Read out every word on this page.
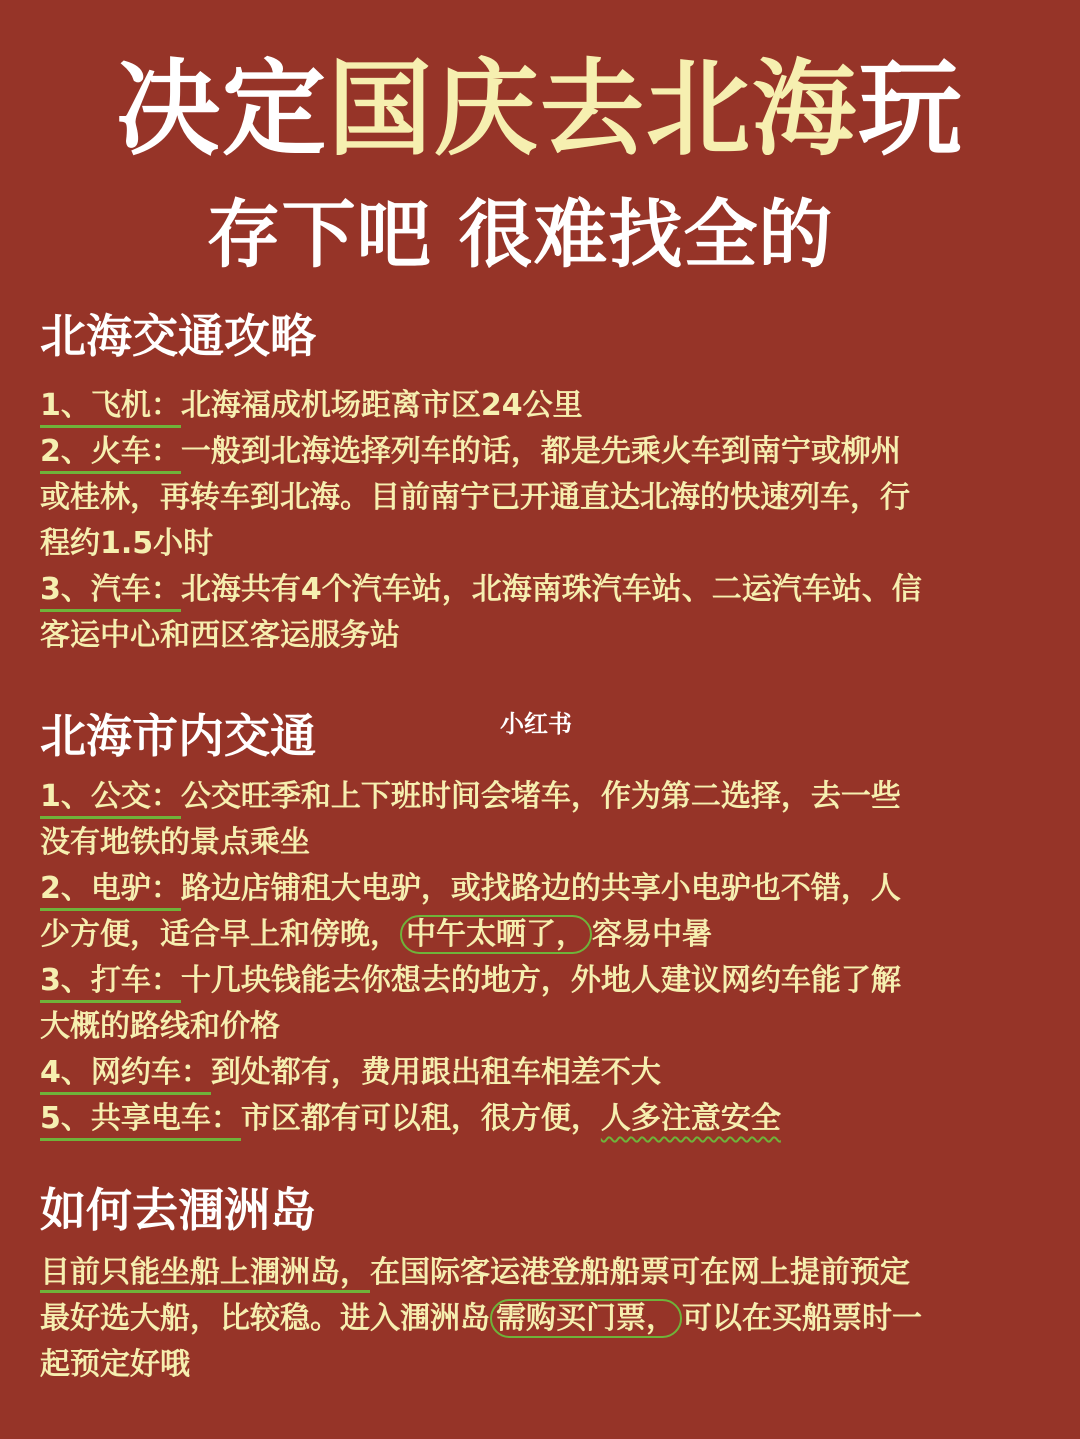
决定国庆去北海玩
存下吧 很难找全的
北海交通攻略
1、飞机：北海福成机场距离市区24公里
2、火车：一般到北海选择列车的话，都是先乘火车到南宁或柳州
或桂林，再转车到北海。目前南宁已开通直达北海的快速列车，行
程约1.5小时
3、汽车：北海共有4个汽车站，北海南珠汽车站、二运汽车站、信
客运中心和西区客运服务站
小红书
北海市内交通
1、公交：公交旺季和上下班时间会堵车，作为第二选择，去一些
没有地铁的景点乘坐
2、电驴：路边店铺租大电驴，或找路边的共享小电驴也不错，人
少方便，适合早上和傍晚， 中午太晒了， 容易中暑
3、打车：十几块钱能去你想去的地方，外地人建议网约车能了解
大概的路线和价格
4、网约车：到处都有，费用跟出租车相差不大
5、共享电车：市区都有可以租，很方便，人多注意安全
如何去涠洲岛
目前只能坐船上涠洲岛，在国际客运港登船船票可在网上提前预定
最好选大船，比较稳。进入涠洲岛 需购买门票， 可以在买船票时一
起预定好哦
